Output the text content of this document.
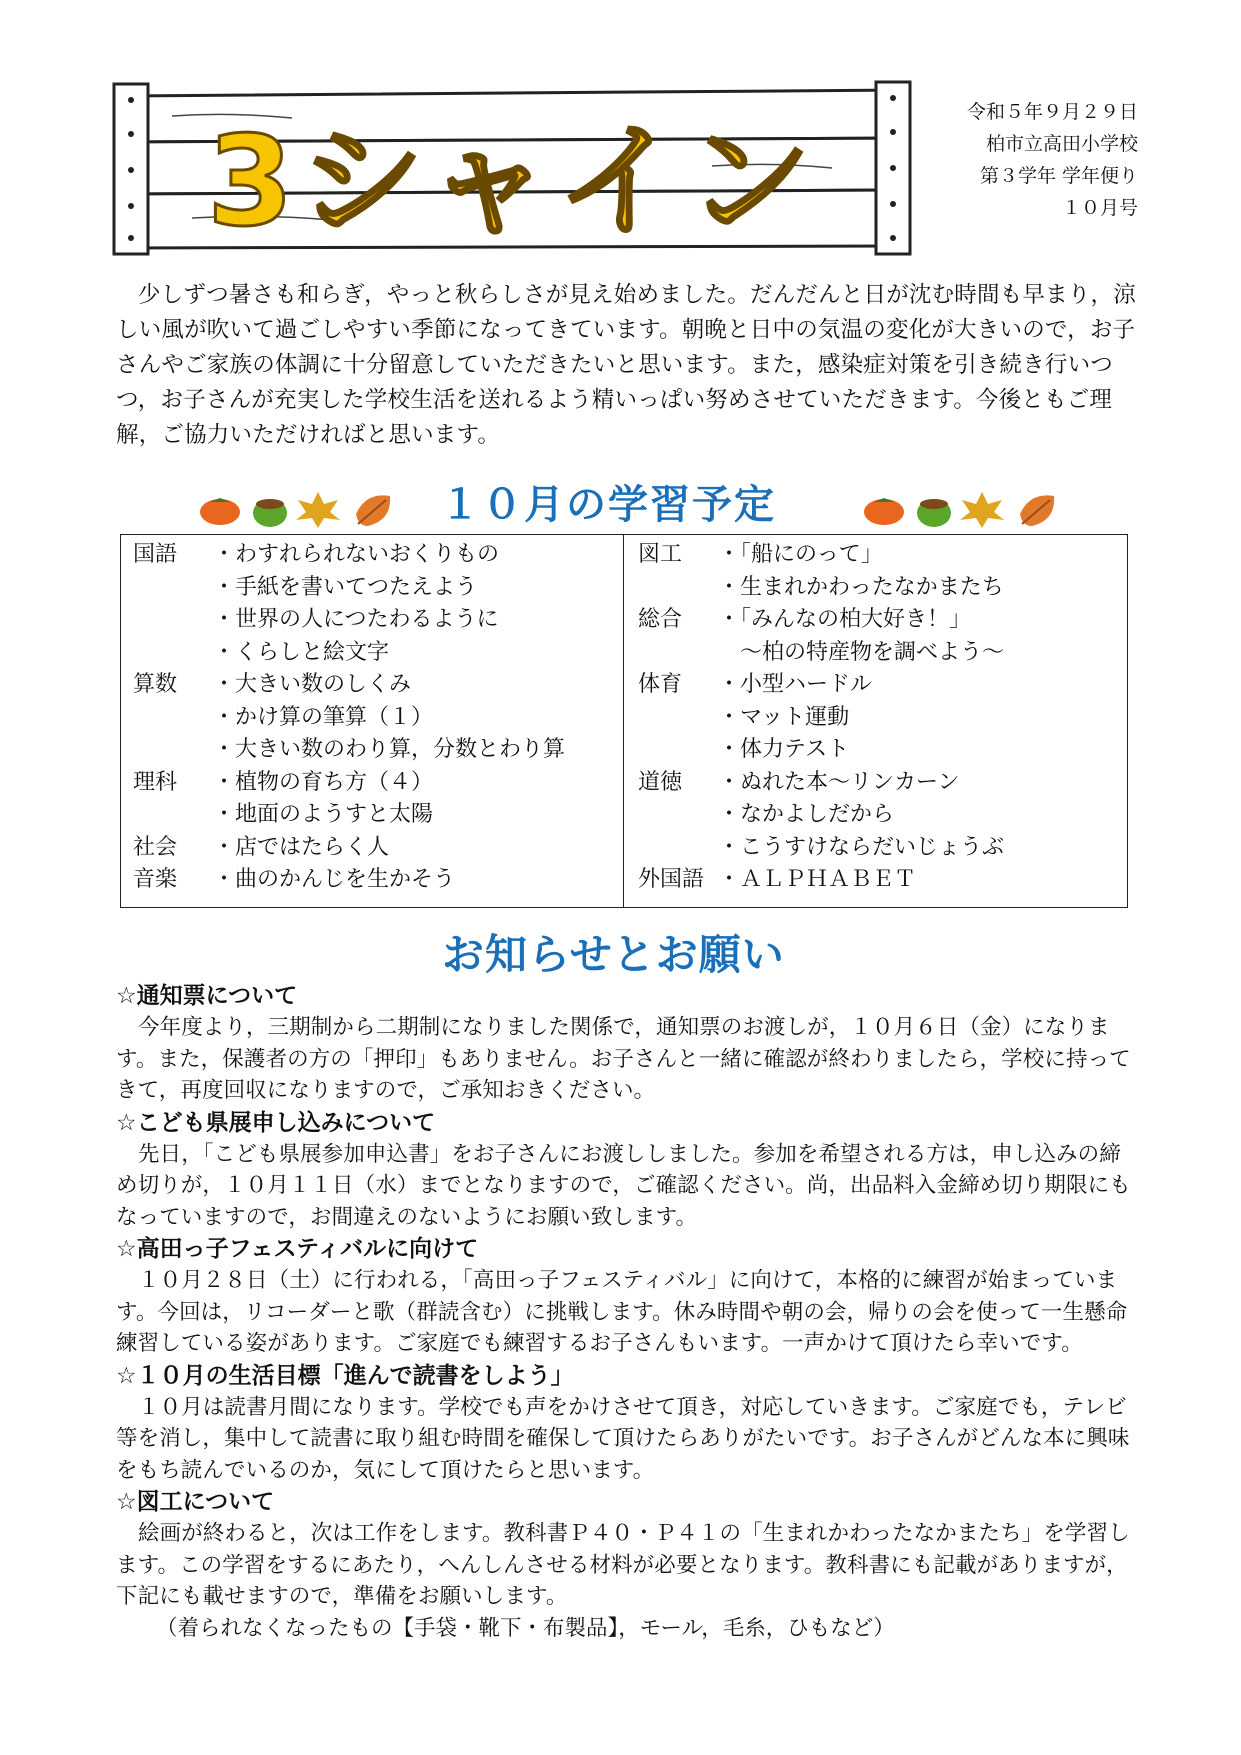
3シャイン	令和５年９月２９日
柏市立高田小学校
第３学年 学年便り
１０月号
少しずつ暑さも和らぎ，やっと秋らしさが見え始めました。だんだんと日が沈む時間も早まり，涼しい風が吹いて過ごしやすい季節になってきています。朝晩と日中の気温の変化が大きいので，お子さんやご家族の体調に十分留意していただきたいと思います。また，感染症対策を引き続き行いつつ，お子さんが充実した学校生活を送れるよう精いっぱい努めさせていただきます。今後ともご理解，ご協力いただければと思います。
１０月の学習予定
国語	・わすれられないおくりもの
・手紙を書いてつたえよう
・世界の人につたわるように
・くらしと絵文字
算数	・大きい数のしくみ
・かけ算の筆算（１）
・大きい数のわり算，分数とわり算
理科	・植物の育ち方（４）
・地面のようすと太陽
社会	・店ではたらく人
音楽	・曲のかんじを生かそう
図工	・「船にのって」
・生まれかわったなかまたち
総合	・「みんなの柏大好き！」
　～柏の特産物を調べよう～
体育	・小型ハードル
・マット運動
・体力テスト
道徳	・ぬれた本～リンカーン
・なかよしだから
・こうすけならだいじょうぶ
外国語 ・ＡＬＰＨＡＢＥＴ
お知らせとお願い
☆通知票について

今年度より，三期制から二期制になりました関係で，通知票のお渡しが，１０月６日（金）になります。また，保護者の方の「押印」もありません。お子さんと一緒に確認が終わりましたら，学校に持ってきて，再度回収になりますので，ご承知おきください。

☆こども県展申し込みについて

先日，「こども県展参加申込書」をお子さんにお渡ししました。参加を希望される方は，申し込みの締め切りが，１０月１１日（水）までとなりますので，ご確認ください。尚，出品料入金締め切り期限にもなっていますので，お間違えのないようにお願い致します。

☆高田っ子フェスティバルに向けて

１０月２８日（土）に行われる，「高田っ子フェスティバル」に向けて，本格的に練習が始まっています。今回は，リコーダーと歌（群読含む）に挑戦します。休み時間や朝の会，帰りの会を使って一生懸命練習している姿があります。ご家庭でも練習するお子さんもいます。一声かけて頂けたら幸いです。

☆１０月の生活目標「進んで読書をしよう」

１０月は読書月間になります。学校でも声をかけさせて頂き，対応していきます。ご家庭でも，テレビ等を消し，集中して読書に取り組む時間を確保して頂けたらありがたいです。お子さんがどんな本に興味をもち読んでいるのか，気にして頂けたらと思います。

☆図工について

絵画が終わると，次は工作をします。教科書Ｐ４０・Ｐ４１の「生まれかわったなかまたち」を学習します。この学習をするにあたり，へんしんさせる材料が必要となります。教科書にも記載がありますが，下記にも載せますので，準備をお願いします。

（着られなくなったもの【手袋・靴下・布製品】，モール，毛糸，ひもなど）
